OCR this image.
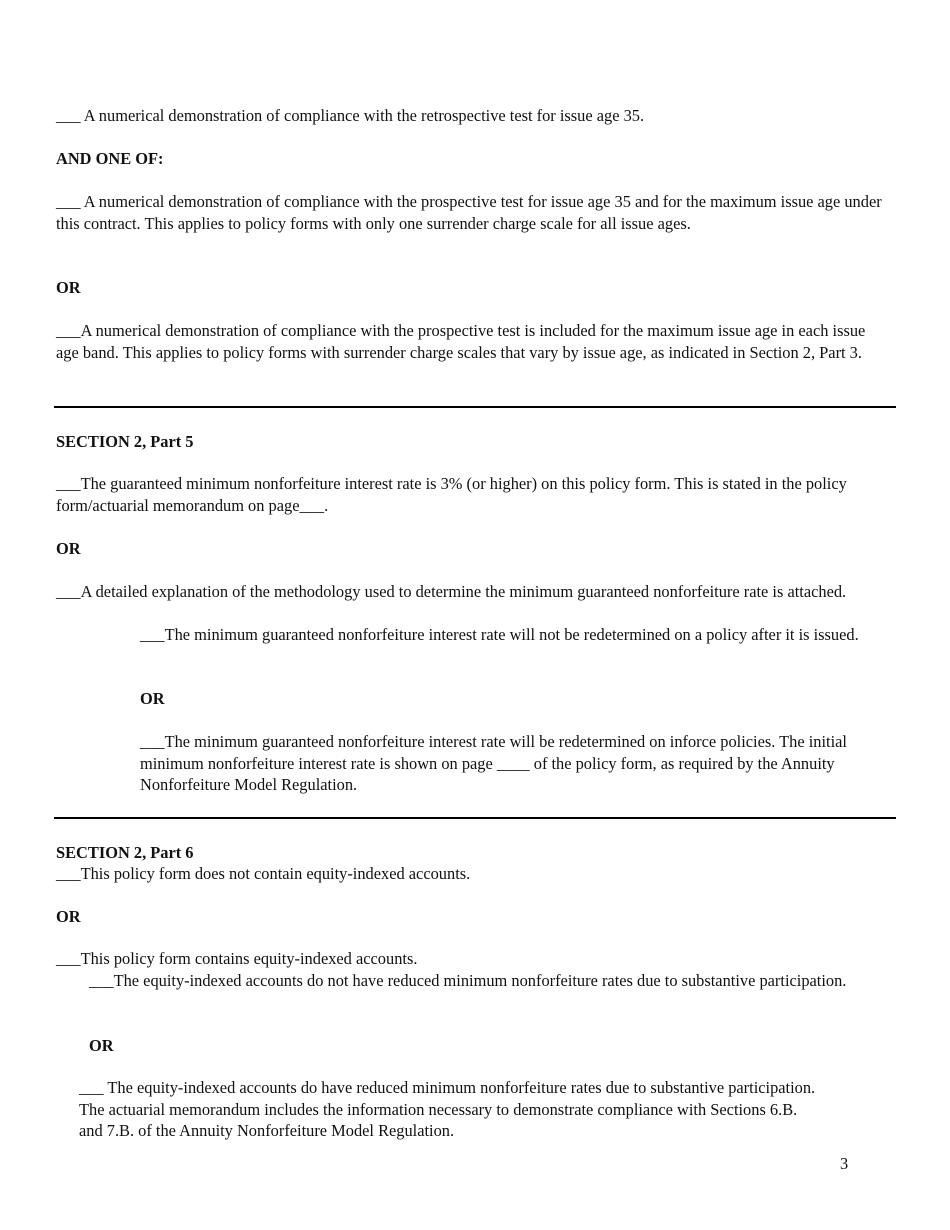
___ A numerical demonstration of compliance with the retrospective test for issue age 35.

AND ONE OF:

___ A numerical demonstration of compliance with the prospective test for issue age 35 and for the maximum issue age under this contract. This applies to policy forms with only one surrender charge scale for all issue ages.

OR

___A numerical demonstration of compliance with the prospective test is included for the maximum issue age in each issue age band. This applies to policy forms with surrender charge scales that vary by issue age, as indicated in Section 2, Part 3.

SECTION 2, Part 5

___The guaranteed minimum nonforfeiture interest rate is 3% (or higher) on this policy form. This is stated in the policy form/actuarial memorandum on page___.

OR

___A detailed explanation of the methodology used to determine the minimum guaranteed nonforfeiture rate is attached.

___The minimum guaranteed nonforfeiture interest rate will not be redetermined on a policy after it is issued.

OR

___The minimum guaranteed nonforfeiture interest rate will be redetermined on inforce policies. The initial minimum nonforfeiture interest rate is shown on page ____ of the policy form, as required by the Annuity Nonforfeiture Model Regulation.

SECTION 2, Part 6

___This policy form does not contain equity-indexed accounts.

OR

___This policy form contains equity-indexed accounts.

___The equity-indexed accounts do not have reduced minimum nonforfeiture rates due to substantive participation.

OR

___ The equity-indexed accounts do have reduced minimum nonforfeiture rates due to substantive participation. The actuarial memorandum includes the information necessary to demonstrate compliance with Sections 6.B. and 7.B. of the Annuity Nonforfeiture Model Regulation.

3
